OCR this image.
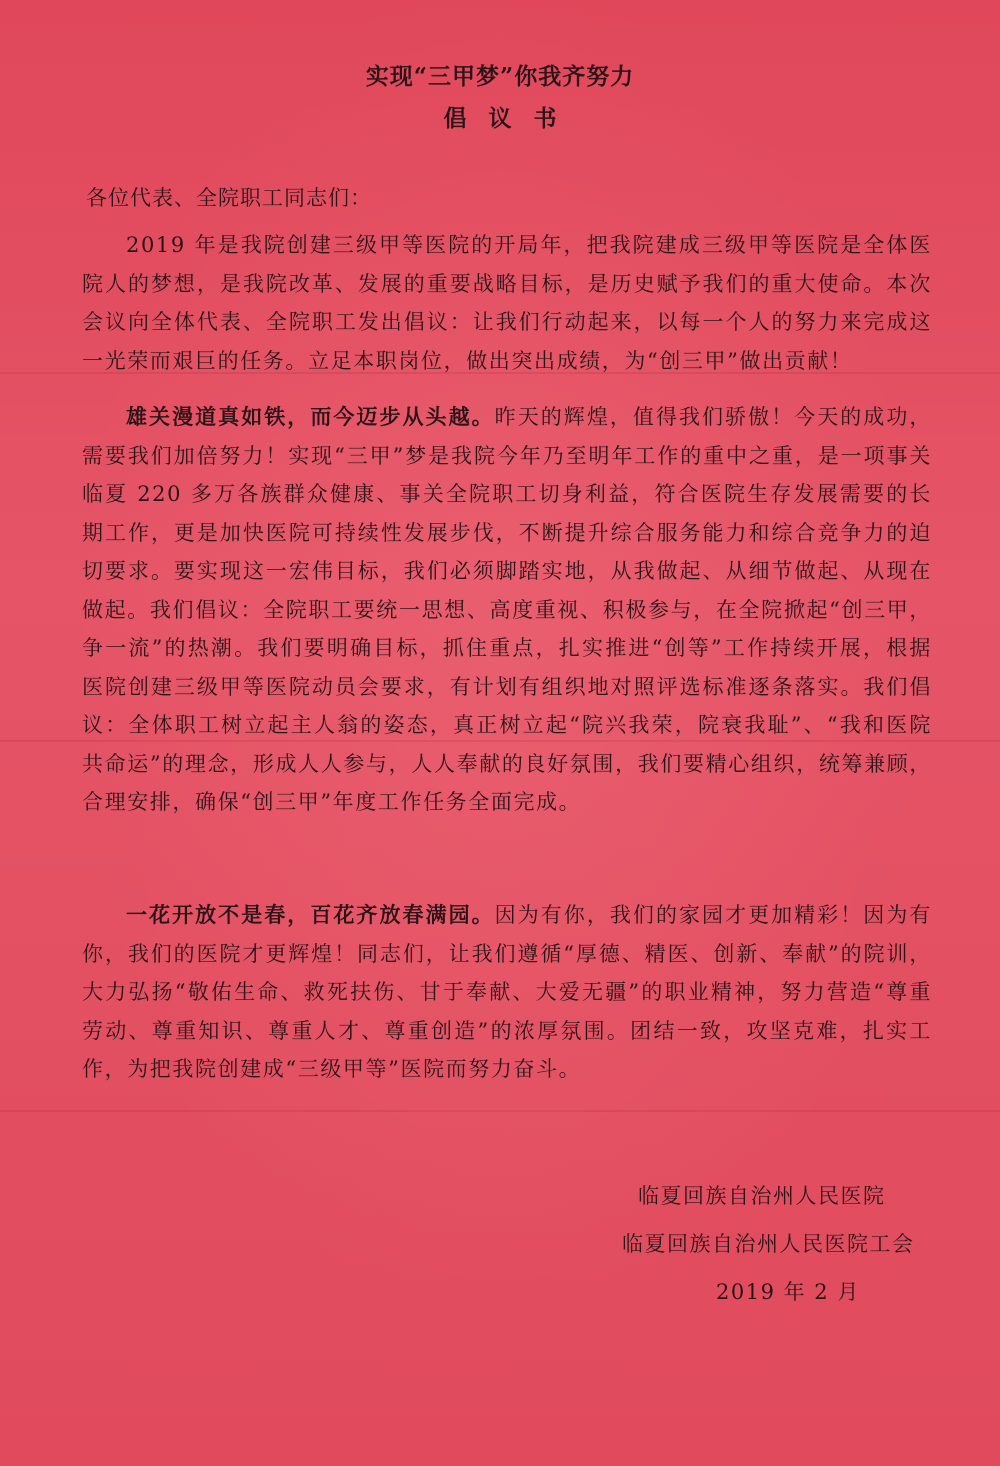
实现“三甲梦”你我齐努力
倡议书
各位代表、全院职工同志们：

2019 年是我院创建三级甲等医院的开局年，把我院建成三级甲等医院是全体医院人的梦想，是我院改革、发展的重要战略目标，是历史赋予我们的重大使命。本次会议向全体代表、全院职工发出倡议：让我们行动起来，以每一个人的努力来完成这一光荣而艰巨的任务。立足本职岗位，做出突出成绩，为“创三甲”做出贡献！

雄关漫道真如铁，而今迈步从头越。昨天的辉煌，值得我们骄傲！今天的成功，需要我们加倍努力！实现“三甲”梦是我院今年乃至明年工作的重中之重，是一项事关临夏 220 多万各族群众健康、事关全院职工切身利益，符合医院生存发展需要的长期工作，更是加快医院可持续性发展步伐，不断提升综合服务能力和综合竞争力的迫切要求。要实现这一宏伟目标，我们必须脚踏实地，从我做起、从细节做起、从现在做起。我们倡议：全院职工要统一思想、高度重视、积极参与，在全院掀起“创三甲，争一流”的热潮。我们要明确目标，抓住重点，扎实推进“创等”工作持续开展，根据医院创建三级甲等医院动员会要求，有计划有组织地对照评选标准逐条落实。我们倡议：全体职工树立起主人翁的姿态，真正树立起“院兴我荣，院衰我耻”、“我和医院共命运”的理念，形成人人参与，人人奉献的良好氛围，我们要精心组织，统筹兼顾，合理安排，确保“创三甲”年度工作任务全面完成。

一花开放不是春，百花齐放春满园。因为有你，我们的家园才更加精彩！因为有你，我们的医院才更辉煌！同志们，让我们遵循“厚德、精医、创新、奉献”的院训，大力弘扬“敬佑生命、救死扶伤、甘于奉献、大爱无疆”的职业精神，努力营造“尊重劳动、尊重知识、尊重人才、尊重创造”的浓厚氛围。团结一致，攻坚克难，扎实工作，为把我院创建成“三级甲等”医院而努力奋斗。

临夏回族自治州人民医院
临夏回族自治州人民医院工会
2019 年 2 月
